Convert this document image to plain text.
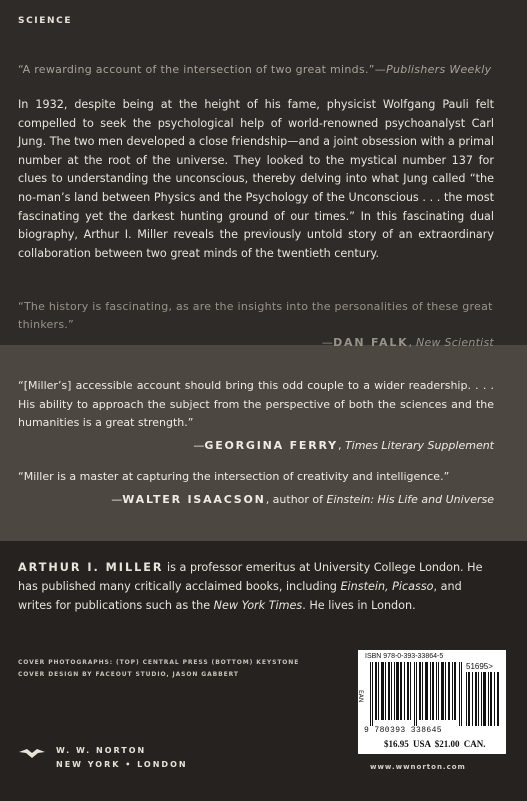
SCIENCE
“A rewarding account of the intersection of two great minds.”—Publishers Weekly

In 1932, despite being at the height of his fame, physicist Wolfgang Pauli felt compelled to seek the psychological help of world-renowned psychoanalyst Carl Jung. The two men developed a close friendship—and a joint obsession with a primal number at the root of the universe. They looked to the mystical number 137 for clues to understanding the unconscious, thereby delving into what Jung called “the no-man’s land between Physics and the Psychology of the Unconscious . . . the most fascinating yet the darkest hunting ground of our times.” In this fascinating dual biography, Arthur I. Miller reveals the previously untold story of an extraordinary collaboration between two great minds of the twentieth century.

“The history is fascinating, as are the insights into the personalities of these great thinkers.”
—DAN FALK, New Scientist
“[Miller’s] accessible account should bring this odd couple to a wider readership. . . . His ability to approach the subject from the perspective of both the sciences and the humanities is a great strength.”
—GEORGINA FERRY, Times Literary Supplement
“Miller is a master at capturing the intersection of creativity and intelligence.”
—WALTER ISAACSON, author of Einstein: His Life and Universe

ARTHUR I. MILLER is a professor emeritus at University College London. He has published many critically acclaimed books, including Einstein, Picasso, and writes for publications such as the New York Times. He lives in London.

COVER PHOTOGRAPHS: (TOP) CENTRAL PRESS (BOTTOM) KEYSTONE
COVER DESIGN BY FACEOUT STUDIO, JASON GABBERT
ISBN 978-0-393-33864-5
EAN
51695>
9 780393 338645
$16.95 USA $21.00 CAN.
W. W. NORTON
NEW YORK • LONDON	www.wwnorton.com
